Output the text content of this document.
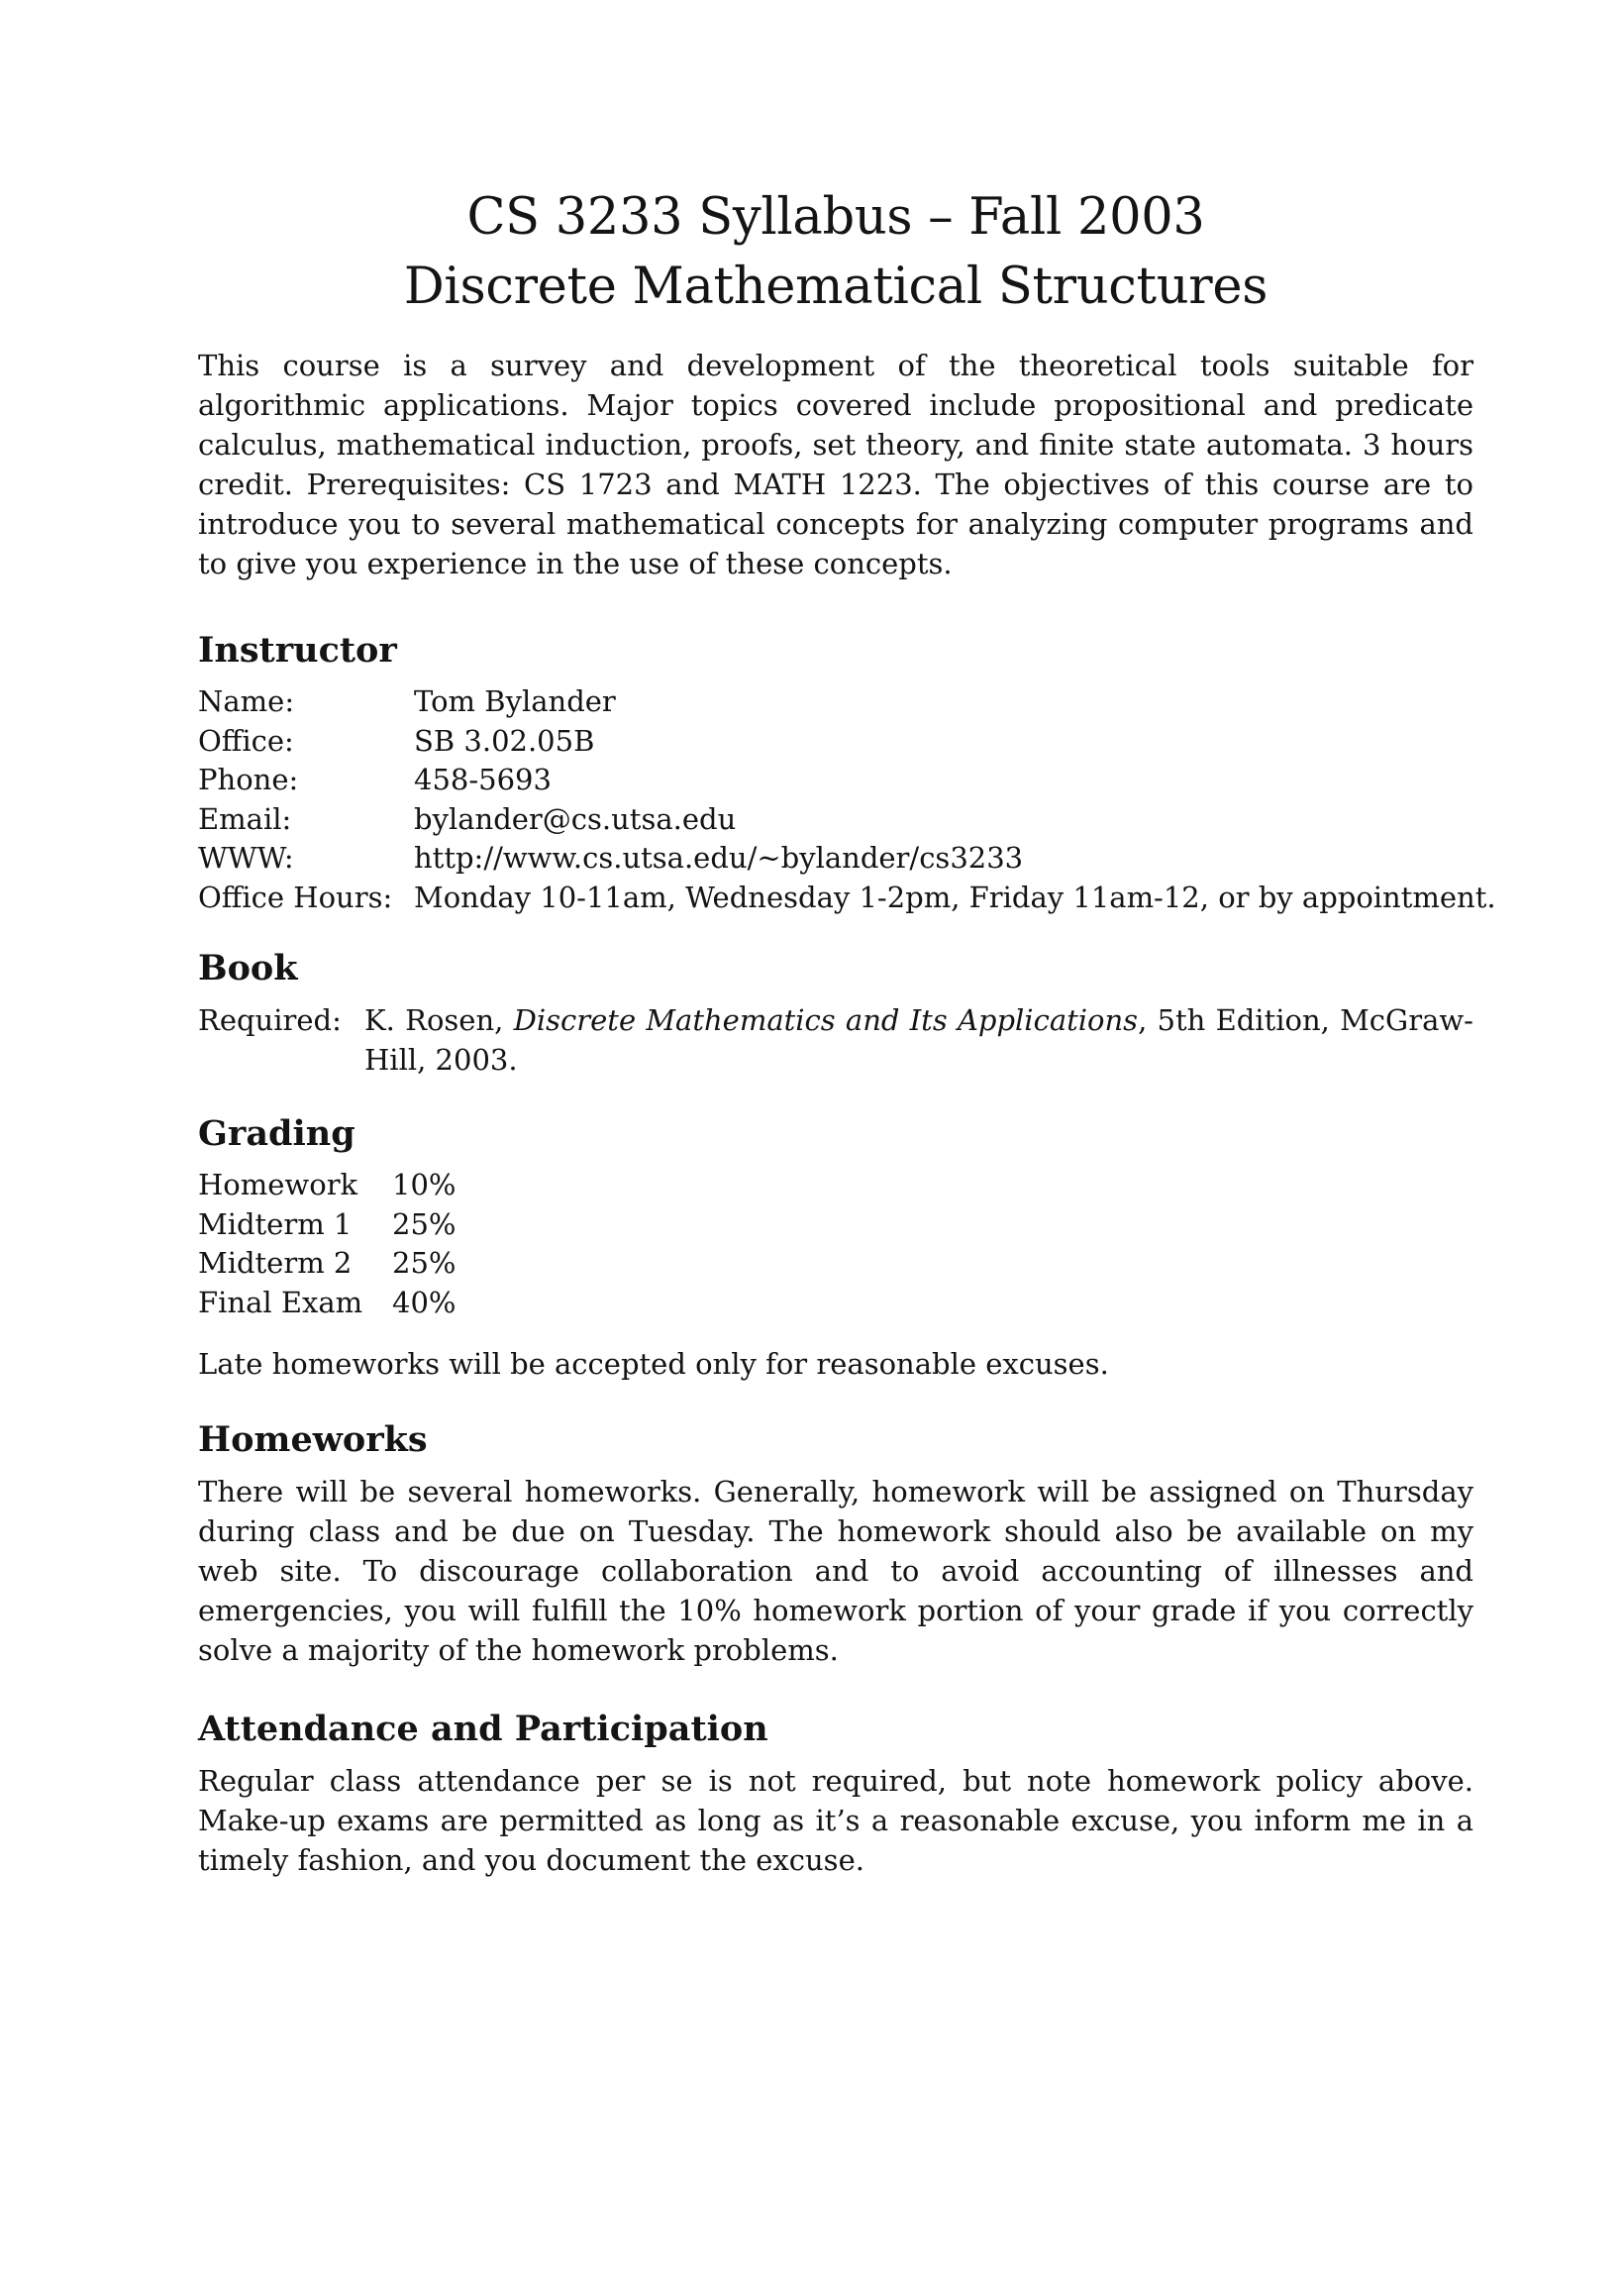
CS 3233 Syllabus – Fall 2003
Discrete Mathematical Structures

This course is a survey and development of the theoretical tools suitable for algorithmic applications. Major topics covered include propositional and predicate calculus, mathematical induction, proofs, set theory, and finite state automata. 3 hours credit. Prerequisites: CS 1723 and MATH 1223. The objectives of this course are to introduce you to several mathematical concepts for analyzing computer programs and to give you experience in the use of these concepts.

Instructor
Name:	Tom Bylander
Office:	SB 3.02.05B
Phone:	458-5693
Email:	bylander@cs.utsa.edu
WWW:	http://www.cs.utsa.edu/~bylander/cs3233
Office Hours: Monday 10-11am, Wednesday 1-2pm, Friday 11am-12, or by appointment.
Book
Required: K. Rosen, Discrete Mathematics and Its Applications, 5th Edition, McGraw-Hill, 2003.
Grading
Homework	10%
Midterm 1	25%
Midterm 2	25%
Final Exam	40%

Late homeworks will be accepted only for reasonable excuses.

Homeworks

There will be several homeworks. Generally, homework will be assigned on Thursday during class and be due on Tuesday. The homework should also be available on my web site. To discourage collaboration and to avoid accounting of illnesses and emergencies, you will fulfill the 10% homework portion of your grade if you correctly solve a majority of the homework problems.

Attendance and Participation

Regular class attendance per se is not required, but note homework policy above. Make-up exams are permitted as long as it’s a reasonable excuse, you inform me in a timely fashion, and you document the excuse.
